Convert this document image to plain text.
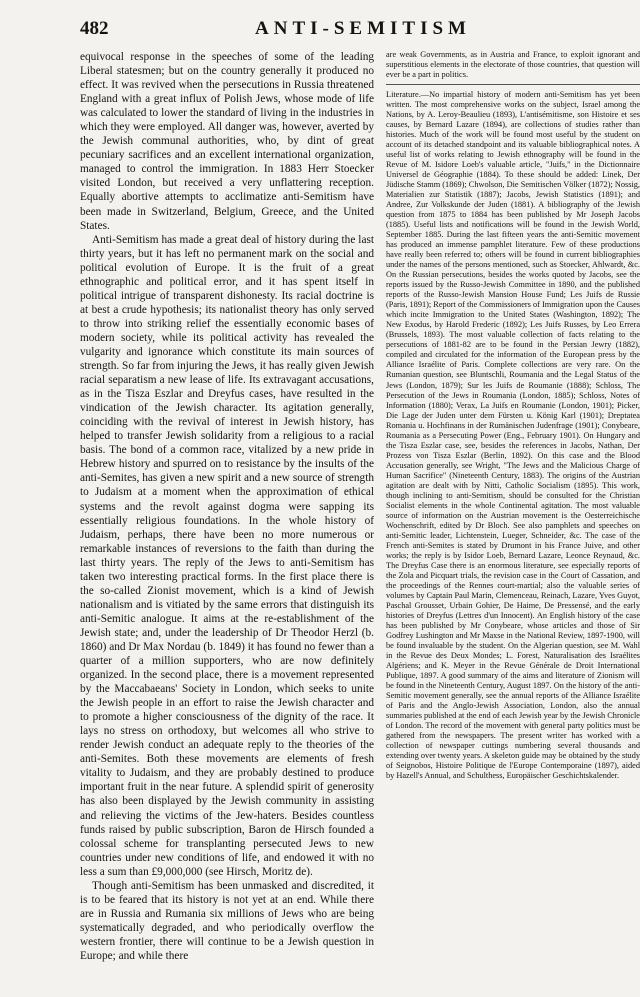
482	ANTI-SEMITISM

equivocal response in the speeches of some of the leading Liberal statesmen; but on the country generally it produced no effect. It was revived when the persecutions in Russia threatened England with a great influx of Polish Jews, whose mode of life was calculated to lower the standard of living in the industries in which they were employed. All danger was, however, averted by the Jewish communal authorities, who, by dint of great pecuniary sacrifices and an excellent international organization, managed to control the immigration. In 1883 Herr Stoecker visited London, but received a very unflattering reception. Equally abortive attempts to acclimatize anti-Semitism have been made in Switzerland, Belgium, Greece, and the United States.

Anti-Semitism has made a great deal of history during the last thirty years, but it has left no permanent mark on the social and political evolution of Europe. It is the fruit of a great ethnographic and political error, and it has spent itself in political intrigue of transparent dishonesty. Its racial doctrine is at best a crude hypothesis; its nationalist theory has only served to throw into striking relief the essentially economic bases of modern society, while its political activity has revealed the vulgarity and ignorance which constitute its main sources of strength. So far from injuring the Jews, it has really given Jewish racial separatism a new lease of life. Its extravagant accusations, as in the Tisza Eszlar and Dreyfus cases, have resulted in the vindication of the Jewish character. Its agitation generally, coinciding with the revival of interest in Jewish history, has helped to transfer Jewish solidarity from a religious to a racial basis. The bond of a common race, vitalized by a new pride in Hebrew history and spurred on to resistance by the insults of the anti-Semites, has given a new spirit and a new source of strength to Judaism at a moment when the approximation of ethical systems and the revolt against dogma were sapping its essentially religious foundations. In the whole history of Judaism, perhaps, there have been no more numerous or remarkable instances of reversions to the faith than during the last thirty years. The reply of the Jews to anti-Semitism has taken two interesting practical forms. In the first place there is the so-called Zionist movement, which is a kind of Jewish nationalism and is vitiated by the same errors that distinguish its anti-Semitic analogue. It aims at the re-establishment of the Jewish state; and, under the leadership of Dr Theodor Herzl (b. 1860) and Dr Max Nordau (b. 1849) it has found no fewer than a quarter of a million supporters, who are now definitely organized. In the second place, there is a movement represented by the Maccabaeans' Society in London, which seeks to unite the Jewish people in an effort to raise the Jewish character and to promote a higher consciousness of the dignity of the race. It lays no stress on orthodoxy, but welcomes all who strive to render Jewish conduct an adequate reply to the theories of the anti-Semites. Both these movements are elements of fresh vitality to Judaism, and they are probably destined to produce important fruit in the near future. A splendid spirit of generosity has also been displayed by the Jewish community in assisting and relieving the victims of the Jew-haters. Besides countless funds raised by public subscription, Baron de Hirsch founded a colossal scheme for transplanting persecuted Jews to new countries under new conditions of life, and endowed it with no less a sum than £9,000,000 (see Hirsch, Moritz de).

Though anti-Semitism has been unmasked and discredited, it is to be feared that its history is not yet at an end. While there are in Russia and Rumania six millions of Jews who are being systematically degraded, and who periodically overflow the western frontier, there will continue to be a Jewish question in Europe; and while there

are weak Governments, as in Austria and France, to exploit ignorant and superstitious elements in the electorate of those countries, that question will ever be a part in politics.

Literature.—No impartial history of modern anti-Semitism has yet been written. The most comprehensive works on the subject, Israel among the Nations, by A. Leroy-Beaulieu (1893), L'antisémitisme, son Histoire et ses causes, by Bernard Lazare (1894), are collections of studies rather than histories. Much of the work will be found most useful by the student on account of its detached standpoint and its valuable bibliographical notes. A useful list of works relating to Jewish ethnography will be found in the Revue of M. Isidore Loeb's valuable article, "Juifs," in the Dictionnaire Universel de Géographie (1884). To these should be added: Linek, Der Jüdische Stamm (1869); Chwolson, Die Semitischen Völker (1872); Nossig, Materialien zur Statistik (1887); Jacobs, Jewish Statistics (1891); and Andree, Zur Volkskunde der Juden (1881). A bibliography of the Jewish question from 1875 to 1884 has been published by Mr Joseph Jacobs (1885). Useful lists and notifications will be found in the Jewish World, September 1885. During the last fifteen years the anti-Semitic movement has produced an immense pamphlet literature. Few of these productions have really been referred to; others will be found in current bibliographies under the names of the persons mentioned, such as Stoecker, Ahlwardt, &c. On the Russian persecutions, besides the works quoted by Jacobs, see the reports issued by the Russo-Jewish Committee in 1890, and the published reports of the Russo-Jewish Mansion House Fund; Les Juifs de Russie (Paris, 1891); Report of the Commissioners of Immigration upon the Causes which incite Immigration to the United States (Washington, 1892); The New Exodus, by Harold Frederic (1892); Les Juifs Russes, by Leo Errera (Brussels, 1893). The most valuable collection of facts relating to the persecutions of 1881-82 are to be found in the Persian Jewry (1882), compiled and circulated for the information of the European press by the Alliance Israélite of Paris. Complete collections are very rare. On the Rumanian question, see Bluntschli, Roumania and the Legal Status of the Jews (London, 1879); Sur les Juifs de Roumanie (1888); Schloss, The Persecution of the Jews in Roumania (London, 1885); Schloss, Notes of Information (1880); Verax, La Juifs en Roumanie (London, 1901); Picker, Die Lage der Juden unter dem Fürsten u. König Karl (1901); Dreptatea Romania u. Hochfinans in der Rumänischen Judenfrage (1901); Conybeare, Roumania as a Persecuting Power (Eng., February 1901). On Hungary and the Tisza Eszlar case, see, besides the references in Jacobs, Nathan, Der Prozess von Tisza Eszlar (Berlin, 1892). On this case and the Blood Accusation generally, see Wright, "The Jews and the Malicious Charge of Human Sacrifice" (Nineteenth Century, 1883). The origins of the Austrian agitation are dealt with by Nitti, Catholic Socialism (1895). This work, though inclining to anti-Semitism, should be consulted for the Christian Socialist elements in the whole Continental agitation. The most valuable source of information on the Austrian movement is the Oesterreichische Wochenschrift, edited by Dr Bloch. See also pamphlets and speeches on anti-Semitic leader, Lichtenstein, Lueger, Schneider, &c. The case of the French anti-Semites is stated by Drumont in his France Juive, and other works; the reply is by Isidor Loeb, Bernard Lazare, Leonce Reynaud, &c. The Dreyfus Case there is an enormous literature, see especially reports of the Zola and Picquart trials, the revision case in the Court of Cassation, and the proceedings of the Rennes court-martial; also the valuable series of volumes by Captain Paul Marin, Clemenceau, Reinach, Lazare, Yves Guyot, Paschal Grousset, Urbain Gohier, De Haime, De Pressensé, and the early histories of Dreyfus (Lettres d'un Innocent). An English history of the case has been published by Mr Conybeare, whose articles and those of Sir Godfrey Lushington and Mr Maxse in the National Review, 1897-1900, will be found invaluable by the student. On the Algerian question, see M. Wahl in the Revue des Deux Mondes; L. Forest, Naturalisation des Israélites Algériens; and K. Meyer in the Revue Générale de Droit International Publique, 1897. A good summary of the aims and literature of Zionism will be found in the Nineteenth Century, August 1897. On the history of the anti-Semitic movement generally, see the annual reports of the Alliance Israélite of Paris and the Anglo-Jewish Association, London, also the annual summaries published at the end of each Jewish year by the Jewish Chronicle of London. The record of the movement with general party politics must be gathered from the newspapers. The present writer has worked with a collection of newspaper cuttings numbering several thousands and extending over twenty years. A skeleton guide may be obtained by the study of Seignobos, Histoire Politique de l'Europe Contemporaine (1897), aided by Hazell's Annual, and Schulthess, Europäischer Geschichtskalender.
